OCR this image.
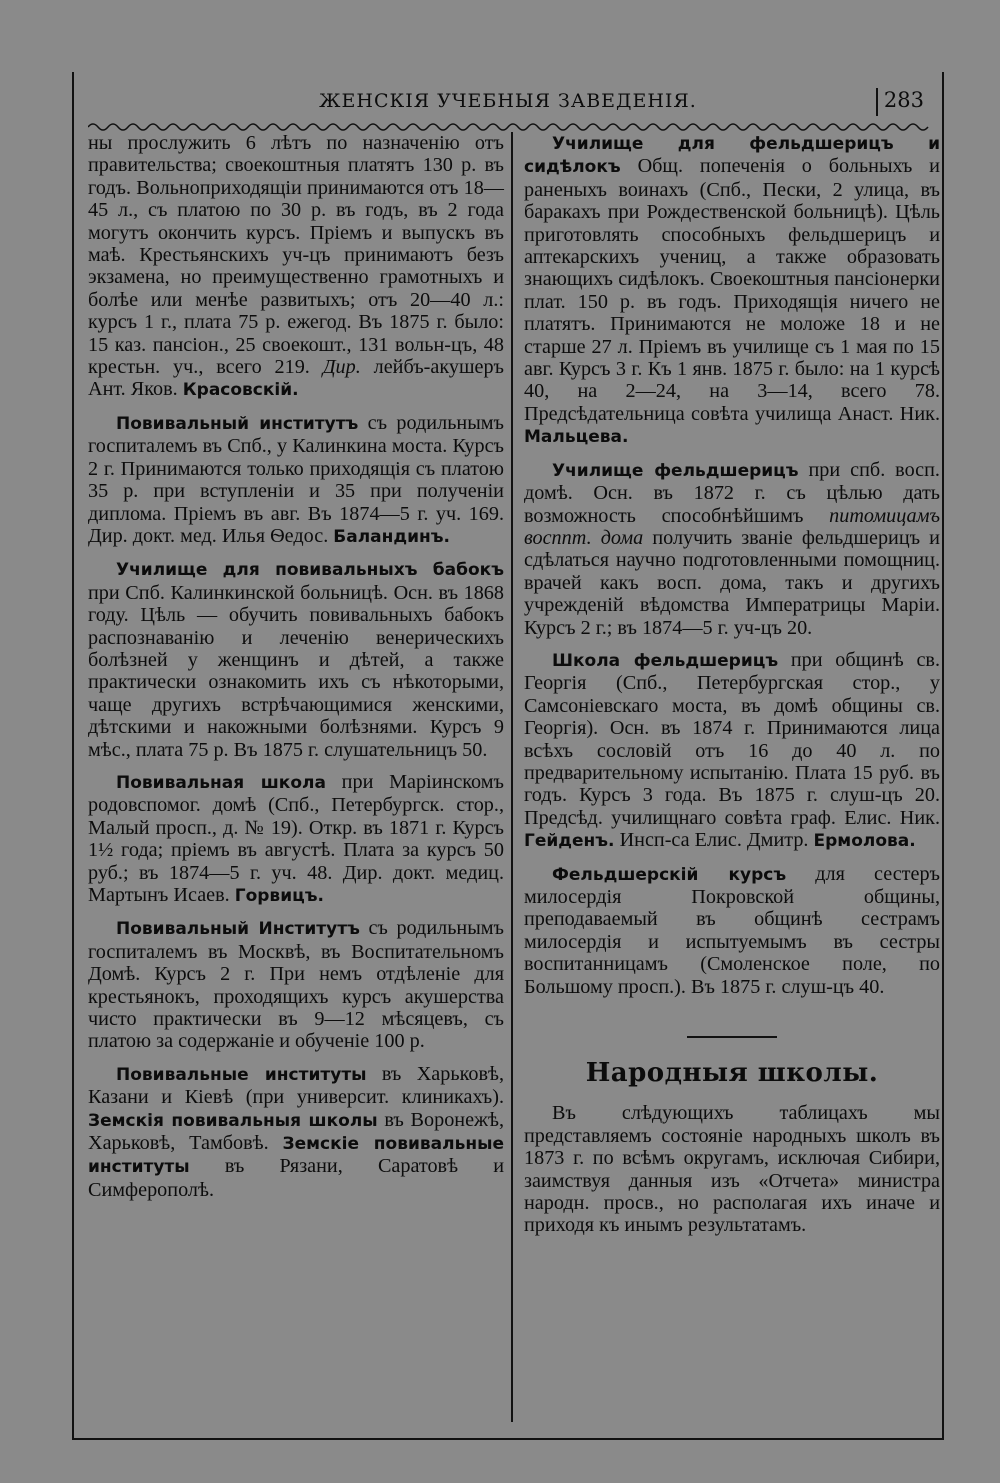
ЖЕНСКІЯ УЧЕБНЫЯ ЗАВЕДЕНІЯ.	283

ны прослужить 6 лѣтъ по назначенію отъ правительства; своекоштныя платятъ 130 р. въ годъ. Вольноприходящіи принимаются отъ 18—45 л., съ платою по 30 р. въ годъ, въ 2 года могутъ окончить курсъ. Пріемъ и выпускъ въ маѣ. Крестьянскихъ уч-цъ принимаютъ безъ экзамена, но преимущественно грамотныхъ и болѣе или менѣе развитыхъ; отъ 20—40 л.: курсъ 1 г., плата 75 р. ежегод. Въ 1875 г. было: 15 каз. пансіон., 25 своекошт., 131 вольн-цъ, 48 крестьн. уч., всего 219. Дир. лейбъ-акушеръ Ант. Яков. Красовскій.

Повивальный институтъ съ родильнымъ госпиталемъ въ Спб., у Калинкина моста. Курсъ 2 г. Принимаются только приходящія съ платою 35 р. при вступленіи и 35 при полученіи диплома. Пріемъ въ авг. Въ 1874—5 г. уч. 169. Дир. докт. мед. Илья Ѳедос. Баландинъ.

Училище для повивальныхъ бабокъ при Спб. Калинкинской больницѣ. Осн. въ 1868 году. Цѣль — обучить повивальныхъ бабокъ распознаванію и леченію венерическихъ болѣзней у женщинъ и дѣтей, а также практически ознакомить ихъ съ нѣкоторыми, чаще другихъ встрѣчающимися женскими, дѣтскими и накожными болѣзнями. Курсъ 9 мѣс., плата 75 р. Въ 1875 г. слушательницъ 50.

Повивальная школа при Маріинскомъ родовспомог. домѣ (Спб., Петербургск. стор., Малый просп., д. № 19). Откр. въ 1871 г. Курсъ 1½ года; пріемъ въ августѣ. Плата за курсъ 50 руб.; въ 1874—5 г. уч. 48. Дир. докт. медиц. Мартынъ Исаев. Горвицъ.

Повивальный Институтъ съ родильнымъ госпиталемъ въ Москвѣ, въ Воспитательномъ Домѣ. Курсъ 2 г. При немъ отдѣленіе для крестьянокъ, проходящихъ курсъ акушерства чисто практически въ 9—12 мѣсяцевъ, съ платою за содержаніе и обученіе 100 р.

Повивальные институты въ Харьковѣ, Казани и Кіевѣ (при университ. клиникахъ). Земскія повивальныя школы въ Воронежѣ, Харьковѣ, Тамбовѣ. Земскіе повивальные институты въ Рязани, Саратовѣ и Симферополѣ.

Училище для фельдшерицъ и сидѣлокъ Общ. попеченія о больныхъ и раненыхъ воинахъ (Спб., Пески, 2 улица, въ баракахъ при Рождественской больницѣ). Цѣль приготовлять способныхъ фельдшерицъ и аптекарскихъ учениц, а также образовать знающихъ сидѣлокъ. Своекоштныя пансіонерки плат. 150 р. въ годъ. Приходящія ничего не платятъ. Принимаются не моложе 18 и не старше 27 л. Пріемъ въ училище съ 1 мая по 15 авг. Курсъ 3 г. Къ 1 янв. 1875 г. было: на 1 курсѣ 40, на 2—24, на 3—14, всего 78. Предсѣдательница совѣта училища Анаст. Ник. Мальцева.

Училище фельдшерицъ при спб. восп. домѣ. Осн. въ 1872 г. съ цѣлью дать возможность способнѣйшимъ питомицамъ восппт. дома получить званіе фельдшерицъ и сдѣлаться научно подготовленными помощниц. врачей какъ восп. дома, такъ и другихъ учрежденій вѣдомства Императрицы Маріи. Курсъ 2 г.; въ 1874—5 г. уч-цъ 20.

Школа фельдшерицъ при общинѣ св. Георгія (Спб., Петербургская стор., у Самсоніевскаго моста, въ домѣ общины св. Георгія). Осн. въ 1874 г. Принимаются лица всѣхъ сословій отъ 16 до 40 л. по предварительному испытанію. Плата 15 руб. въ годъ. Курсъ 3 года. Въ 1875 г. слуш-цъ 20. Предсѣд. училищнаго совѣта граф. Елис. Ник. Гейденъ. Инсп-са Елис. Дмитр. Ермолова.

Фельдшерскій курсъ для сестеръ милосердія Покровской общины, преподаваемый въ общинѣ сестрамъ милосердія и испытуемымъ въ сестры воспитанницамъ (Смоленское поле, по Большому просп.). Въ 1875 г. слуш-цъ 40.

Народныя школы.

Въ слѣдующихъ таблицахъ мы представляемъ состояніе народныхъ школъ въ 1873 г. по всѣмъ округамъ, исключая Сибири, заимствуя данныя изъ «Отчета» министра народн. просв., но располагая ихъ иначе и приходя къ инымъ результатамъ.
